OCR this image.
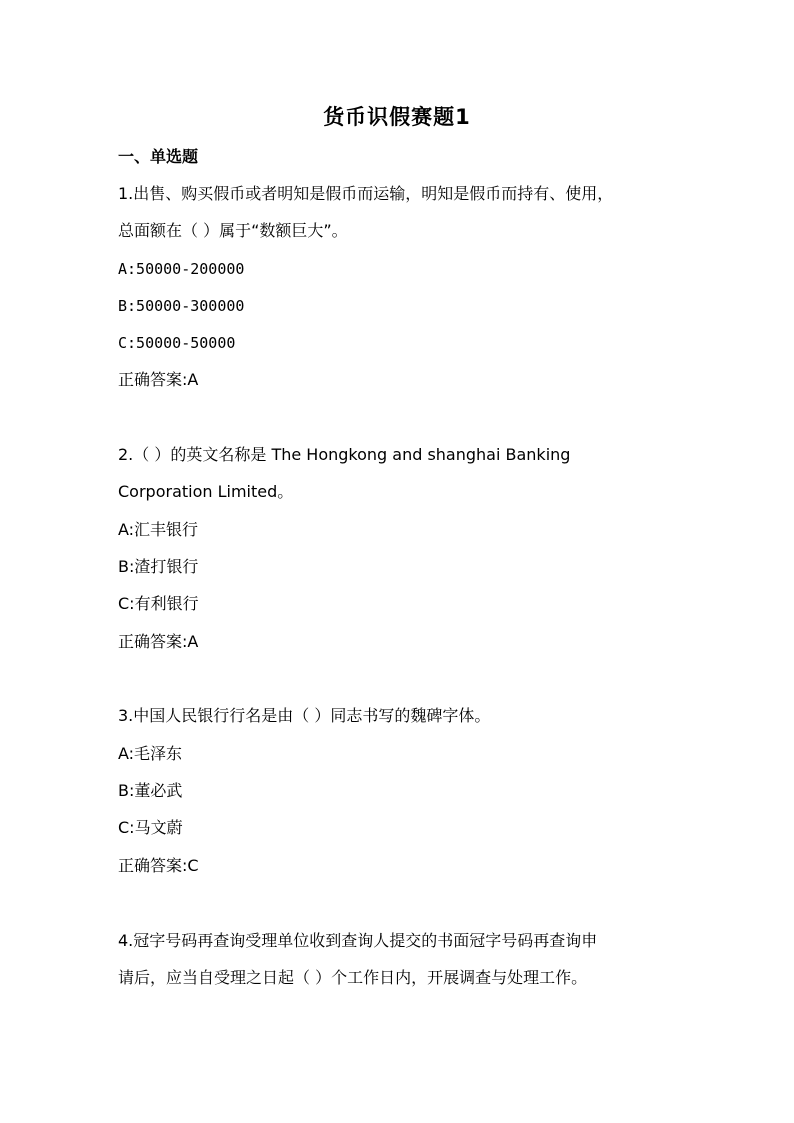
货币识假赛题1
一、单选题
1.出售、购买假币或者明知是假币而运输，明知是假币而持有、使用，
总面额在（ ）属于“数额巨大”。
A:50000-200000
B:50000-300000
C:50000-50000
正确答案:A
2.（ ）的英文名称是 The Hongkong and shanghai Banking
Corporation Limited。
A:汇丰银行
B:渣打银行
C:有利银行
正确答案:A
3.中国人民银行行名是由（ ）同志书写的魏碑字体。
A:毛泽东
B:董必武
C:马文蔚
正确答案:C
4.冠字号码再查询受理单位收到查询人提交的书面冠字号码再查询申
请后，应当自受理之日起（ ）个工作日内，开展调查与处理工作。
